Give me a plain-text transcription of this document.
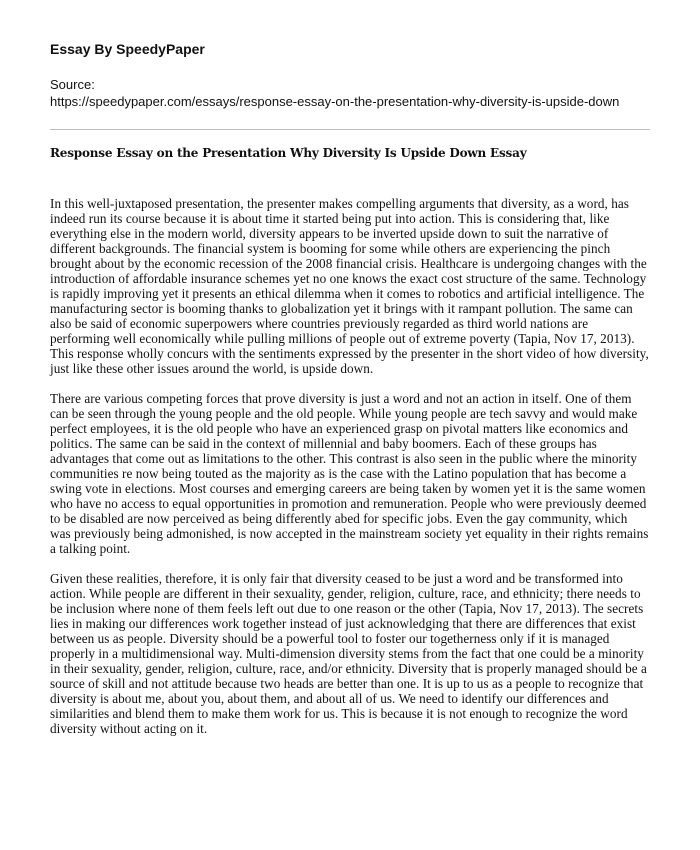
Essay By SpeedyPaper
Source:
https://speedypaper.com/essays/response-essay-on-the-presentation-why-diversity-is-upside-down
Response Essay on the Presentation Why Diversity Is Upside Down Essay

In this well-juxtaposed presentation, the presenter makes compelling arguments that diversity, as a word, has indeed run its course because it is about time it started being put into action. This is considering that, like everything else in the modern world, diversity appears to be inverted upside down to suit the narrative of different backgrounds. The financial system is booming for some while others are experiencing the pinch brought about by the economic recession of the 2008 financial crisis. Healthcare is undergoing changes with the introduction of affordable insurance schemes yet no one knows the exact cost structure of the same. Technology is rapidly improving yet it presents an ethical dilemma when it comes to robotics and artificial intelligence. The manufacturing sector is booming thanks to globalization yet it brings with it rampant pollution. The same can also be said of economic superpowers where countries previously regarded as third world nations are performing well economically while pulling millions of people out of extreme poverty (Tapia, Nov 17, 2013). This response wholly concurs with the sentiments expressed by the presenter in the short video of how diversity, just like these other issues around the world, is upside down.

There are various competing forces that prove diversity is just a word and not an action in itself. One of them can be seen through the young people and the old people. While young people are tech savvy and would make perfect employees, it is the old people who have an experienced grasp on pivotal matters like economics and politics. The same can be said in the context of millennial and baby boomers. Each of these groups has advantages that come out as limitations to the other. This contrast is also seen in the public where the minority communities re now being touted as the majority as is the case with the Latino population that has become a swing vote in elections. Most courses and emerging careers are being taken by women yet it is the same women who have no access to equal opportunities in promotion and remuneration. People who were previously deemed to be disabled are now perceived as being differently abed for specific jobs. Even the gay community, which was previously being admonished, is now accepted in the mainstream society yet equality in their rights remains a talking point.

Given these realities, therefore, it is only fair that diversity ceased to be just a word and be transformed into action. While people are different in their sexuality, gender, religion, culture, race, and ethnicity; there needs to be inclusion where none of them feels left out due to one reason or the other (Tapia, Nov 17, 2013). The secrets lies in making our differences work together instead of just acknowledging that there are differences that exist between us as people. Diversity should be a powerful tool to foster our togetherness only if it is managed properly in a multidimensional way. Multi-dimension diversity stems from the fact that one could be a minority in their sexuality, gender, religion, culture, race, and/or ethnicity. Diversity that is properly managed should be a source of skill and not attitude because two heads are better than one. It is up to us as a people to recognize that diversity is about me, about you, about them, and about all of us. We need to identify our differences and similarities and blend them to make them work for us. This is because it is not enough to recognize the word diversity without acting on it.
